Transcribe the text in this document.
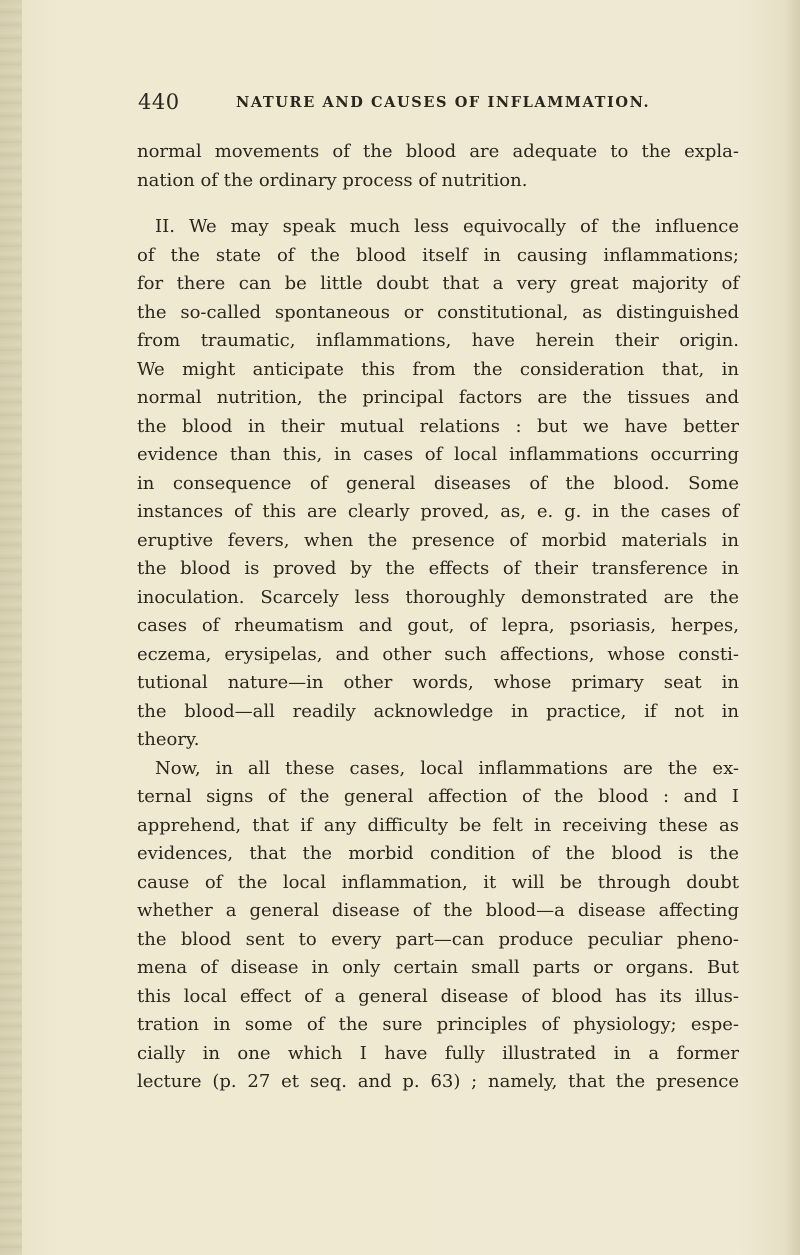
440	NATURE AND CAUSES OF INFLAMMATION.
normal movements of the blood are adequate to the expla-
nation of the ordinary process of nutrition.
II. We may speak much less equivocally of the influence
of the state of the blood itself in causing inflammations;
for there can be little doubt that a very great majority of
the so-called spontaneous or constitutional, as distinguished
from traumatic, inflammations, have herein their origin.
We might anticipate this from the consideration that, in
normal nutrition, the principal factors are the tissues and
the blood in their mutual relations : but we have better
evidence than this, in cases of local inflammations occurring
in consequence of general diseases of the blood. Some
instances of this are clearly proved, as, e. g. in the cases of
eruptive fevers, when the presence of morbid materials in
the blood is proved by the effects of their transference in
inoculation. Scarcely less thoroughly demonstrated are the
cases of rheumatism and gout, of lepra, psoriasis, herpes,
eczema, erysipelas, and other such affections, whose consti-
tutional nature—in other words, whose primary seat in
the blood—all readily acknowledge in practice, if not in
theory.
Now, in all these cases, local inflammations are the ex-
ternal signs of the general affection of the blood : and I
apprehend, that if any difficulty be felt in receiving these as
evidences, that the morbid condition of the blood is the
cause of the local inflammation, it will be through doubt
whether a general disease of the blood—a disease affecting
the blood sent to every part—can produce peculiar pheno-
mena of disease in only certain small parts or organs. But
this local effect of a general disease of blood has its illus-
tration in some of the sure principles of physiology; espe-
cially in one which I have fully illustrated in a former
lecture (p. 27 et seq. and p. 63) ; namely, that the presence
